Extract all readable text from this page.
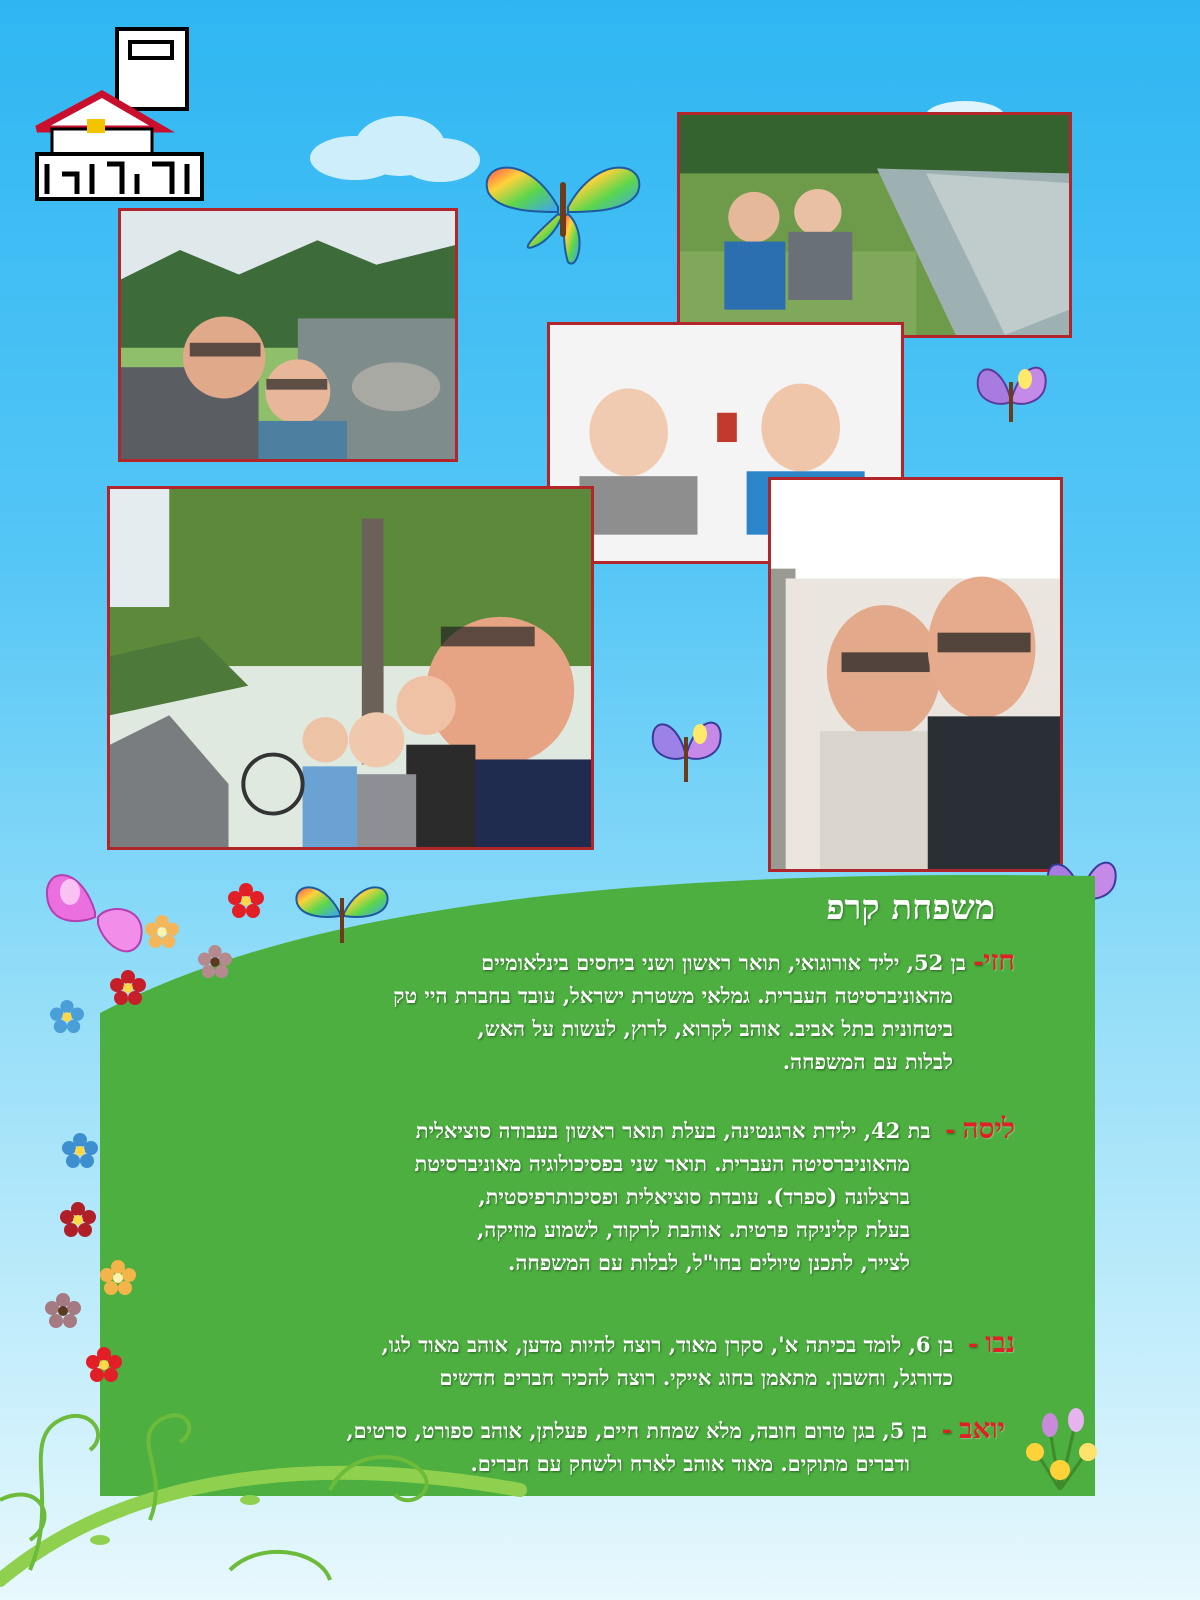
משפחת קרפ
חזי- בן 52, יליד אורוגואי, תואר ראשון ושני ביחסים בינלאומיים
מהאוניברסיטה העברית. גמלאי משטרת ישראל, עובד בחברת היי טק
ביטחונית בתל אביב. אוהב לקרוא, לרוץ, לעשות על האש,
לבלות עם המשפחה.
ליסה -  בת 42, ילידת ארגנטינה, בעלת תואר ראשון בעבודה סוציאלית
מהאוניברסיטה העברית. תואר שני בפסיכולוגיה מאוניברסיטת
ברצלונה (ספרד). עובדת סוציאלית ופסיכותרפיסטית,
בעלת קליניקה פרטית. אוהבת לרקוד, לשמוע מוזיקה,
לצייר, לתכנן טיולים בחו"ל, לבלות עם המשפחה.
נבו -  בן 6, לומד בכיתה א', סקרן מאוד, רוצה להיות מדען, אוהב מאוד לגו,
כדורגל, וחשבון. מתאמן בחוג אייקי. רוצה להכיר חברים חדשים
יואב -  בן 5, בגן טרום חובה, מלא שמחת חיים, פעלתן, אוהב ספורט, סרטים,
ודברים מתוקים. מאוד אוהב לארח ולשחק עם חברים.
